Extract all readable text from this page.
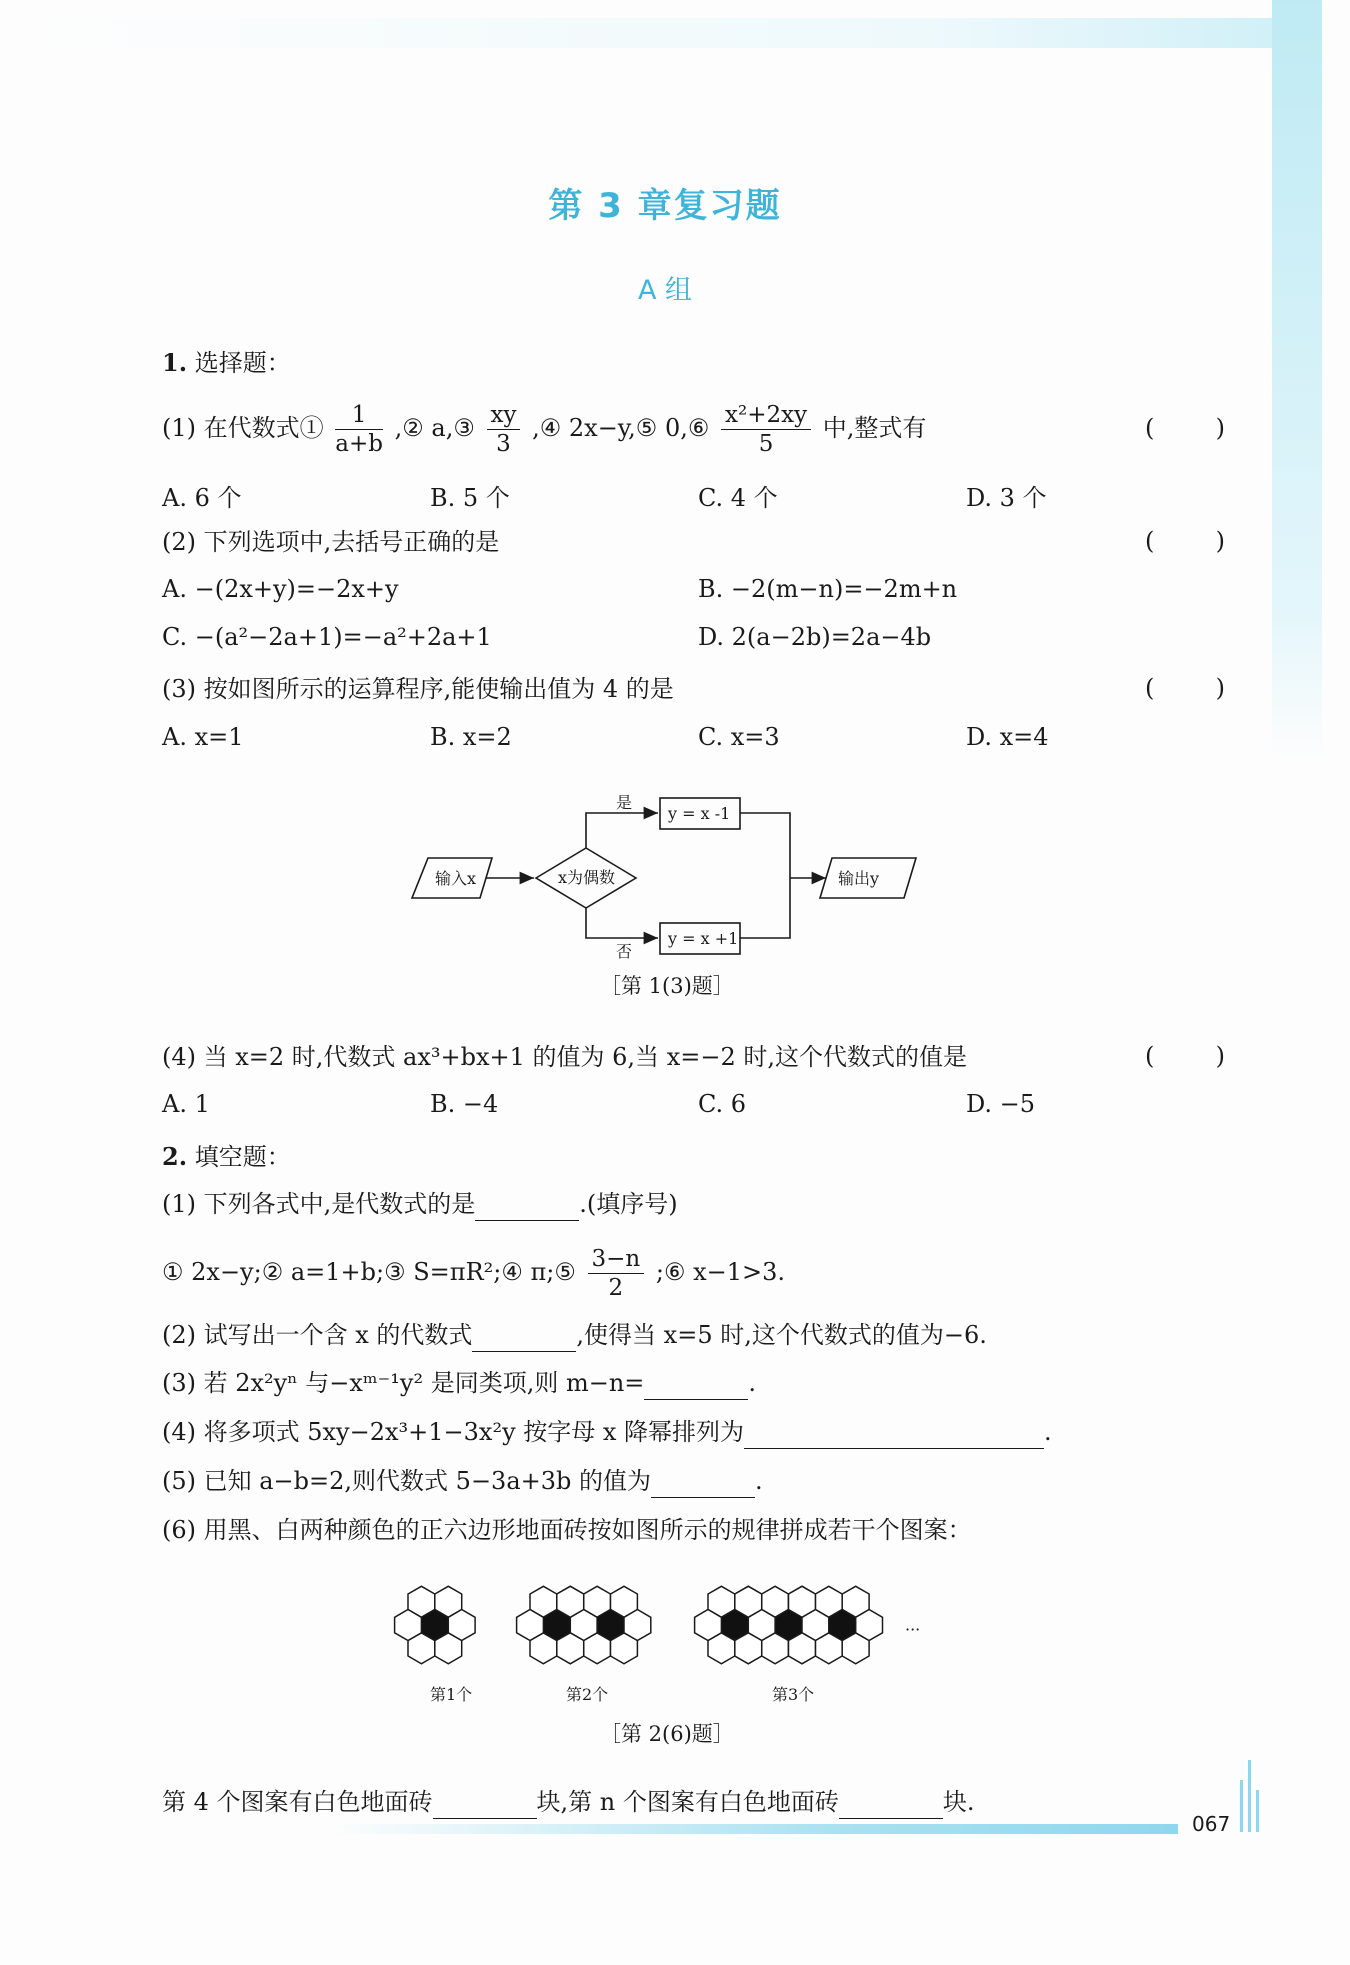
第 3 章复习题
A 组
1. 选择题：
(1) 在代数式① $\frac{1}{a+b}$ ,② a,③ $\frac{xy}{3}$ ,④ 2x−y,⑤ 0,⑥ $\frac{\text{x²+2xy}}{5}$ 中,整式有	(	)
A. 6 个	B. 5 个	C. 4 个	D. 3 个
(2) 下列选项中,去括号正确的是	(	)
A. −(2x+y)=−2x+y	B. −2(m−n)=−2m+n
C. −(a²−2a+1)=−a²+2a+1	D. 2(a−2b)=2a−4b
(3) 按如图所示的运算程序,能使输出值为 4 的是	(	)
A. x=1	B. x=2	C. x=3	D. x=4
输入x	x为偶数
是
否
y = x -1
y = x +1
输出y
［第 1(3)题］
(4) 当 x=2 时,代数式 ax³+bx+1 的值为 6,当 x=−2 时,这个代数式的值是	(	)
A. 1	B. −4	C. 6	D. −5
2. 填空题：
(1) 下列各式中,是代数式的是	.(填序号)
① 2x−y;② a=1+b;③ S=πR²;④ π;⑤ $\frac{3-n}{2}$ ;⑥ x−1>3.
(2) 试写出一个含 x 的代数式	,使得当 x=5 时,这个代数式的值为−6.
(3) 若 2x²yⁿ 与−xᵐ⁻¹y² 是同类项,则 m−n=	.
(4) 将多项式 5xy−2x³+1−3x²y 按字母 x 降幂排列为	.
(5) 已知 a−b=2,则代数式 5−3a+3b 的值为	.
(6) 用黑、白两种颜色的正六边形地面砖按如图所示的规律拼成若干个图案：
第1个	第2个	第3个
···
［第 2(6)题］
第 4 个图案有白色地面砖	块,第 n 个图案有白色地面砖	块.
067
